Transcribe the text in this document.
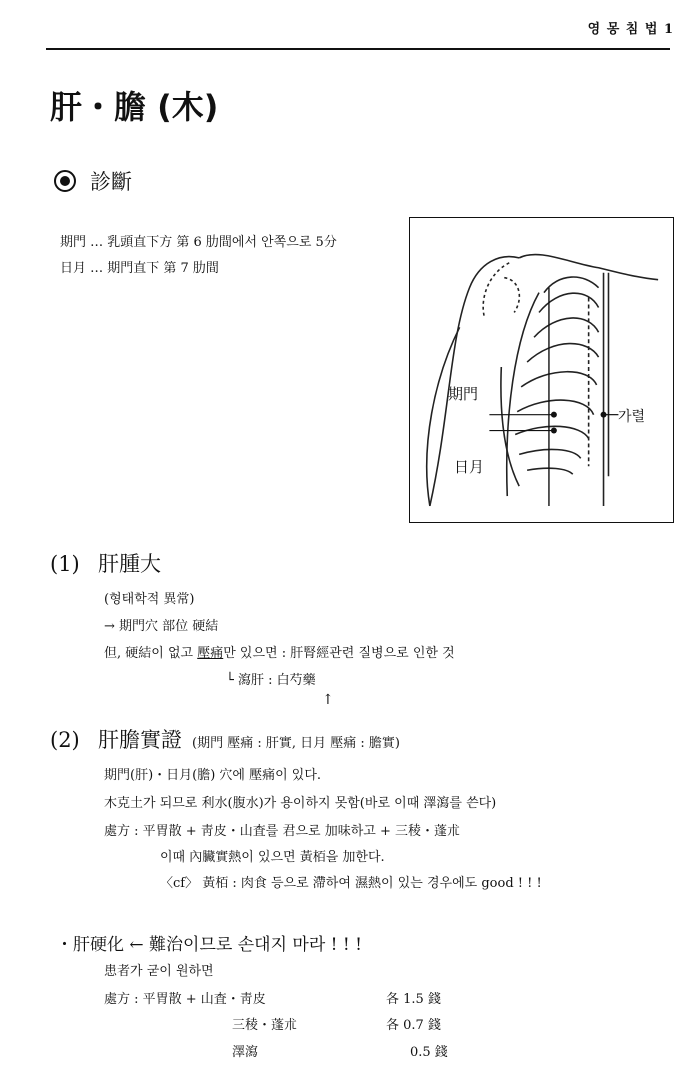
영 몽 침 법 1
肝・膽 (木)
診斷
期門 … 乳頭直下方 第 6 肋間에서 안쪽으로 5分
日月 … 期門直下 第 7 肋間
期門
日月
가렬
(1) 肝腫大
(형태학적 異常)
→ 期門穴 部位 硬結
但, 硬結이 없고 壓痛만 있으면 : 肝腎經관련 질병으로 인한 것
└ 瀉肝 : 白芍藥
↑
(2) 肝膽實證 (期門 壓痛 : 肝實, 日月 壓痛 : 膽實)
期門(肝)・日月(膽) 穴에 壓痛이 있다.
木克土가 되므로 利水(腹水)가 용이하지 못함(바로 이때 澤瀉를 쓴다)
處方 : 平胃散 + 靑皮・山査를 君으로 加味하고 + 三稜・蓬朮
이때 內臟實熱이 있으면 黃栢을 加한다.
〈cf〉 黃栢 : 肉食 등으로 滯하여 濕熱이 있는 경우에도 good ! ! !
・肝硬化 ← 難治이므로 손대지 마라 ! ! !
患者가 굳이 원하면
處方 : 平胃散 + 山査・靑皮	各 1.5 錢
三稜・蓬朮	各 0.7 錢
澤瀉	0.5 錢
